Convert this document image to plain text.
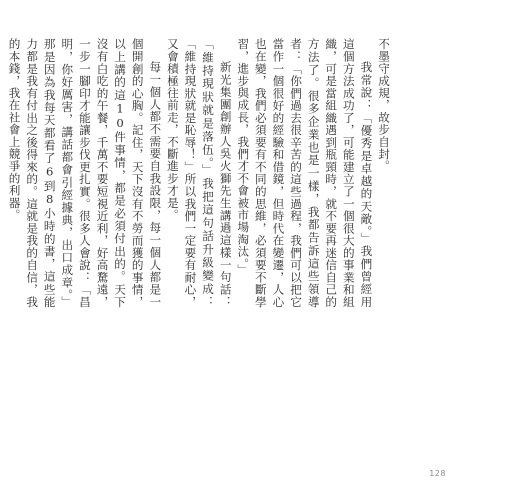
不墨守成規，故步自封。

我常說：「優秀是卓越的天敵。」我們曾經用這個方法成功了，可能建立了一個很大的事業和組織，可是當組織遇到瓶頸時，就不要再迷信自己的方法了。很多企業也是一樣，我都告訴這些領導者：「你們過去很辛苦的這些過程，我們可以把它當作一個很好的經驗和借鏡，但時代在變遷，人心也在變，我們必須要有不同的思維，必須要不斷學習，進步與成長，我們才不會被市場淘汰。」

新光集團創辦人吳火獅先生講過這樣一句話：「維持現狀就是落伍。」我把這句話升級變成：「維持現狀就是恥辱！」所以我們一定要有耐心，又會積極往前走，不斷進步才是。

每一個人都不需要自我設限，每一個人都是一個開創的心胸。記住，天下沒有不勞而獲的事情，以上講的這10件事情，都是必須付出的。天下沒有白吃的午餐，千萬不要短視近利，好高騖遠，一步一腳印才能讓步伐更扎實。很多人會說：「昌明，你好厲害，講話都會引經據典，出口成章。」那是因為我每天都看了6到8小時的書，這些能力都是我有付出之後得來的。這就是我的自信，我的本錢，我在社會上競爭的利器。

128
